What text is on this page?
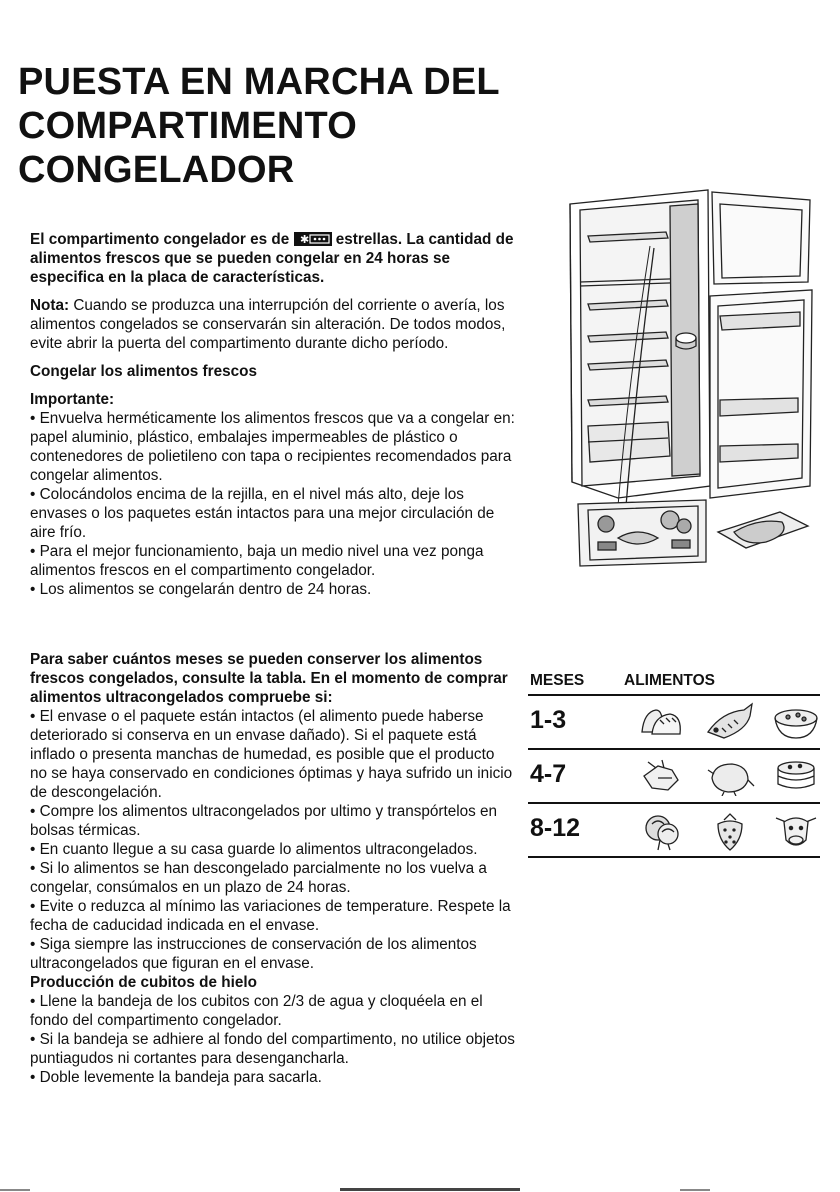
PUESTA EN MARCHA DEL
COMPARTIMENTO
CONGELADOR
El compartimento congelador es de ✱ estrellas. La cantidad de alimentos frescos que se pueden congelar en 24 horas se especifica en la placa de características.

Nota: Cuando se produzca una interrupción del corriente o avería, los alimentos congelados se conservarán sin alteración. De todos modos, evite abrir la puerta del compartimento durante dicho período.

Congelar los alimentos frescos

Importante:

• Envuelva herméticamente los alimentos frescos que va a congelar en: papel aluminio, plástico, embalajes impermeables de plástico o contenedores de polietileno con tapa o recipientes recomendados para congelar alimentos.

• Colocándolos encima de la rejilla, en el nivel más alto, deje los envases o los paquetes están intactos para una mejor circulación de aire frío.

• Para el mejor funcionamiento, baja un medio nivel una vez ponga alimentos frescos en el compartimento congelador.

• Los alimentos se congelarán dentro de 24 horas.

Para saber cuántos meses se pueden conserver los alimentos frescos congelados, consulte la tabla. En el momento de comprar alimentos ultracongelados compruebe si:

• El envase o el paquete están intactos (el alimento puede haberse deteriorado si conserva en un envase dañado). Si el paquete está inflado o presenta manchas de humedad, es posible que el producto no se haya conservado en condiciones óptimas y haya sufrido un inicio de descongelación.

• Compre los alimentos ultracongelados por ultimo y transpórtelos en bolsas térmicas.

• En cuanto llegue a su casa guarde lo alimentos ultracongelados.

• Si lo alimentos se han descongelado parcialmente no los vuelva a congelar, consúmalos en un plazo de 24 horas.

• Evite o reduzca al mínimo las variaciones de temperature. Respete la fecha de caducidad indicada en el envase.

• Siga siempre las instrucciones de conservación de los alimentos ultracongelados que figuran en el envase.

Producción de cubitos de hielo

• Llene la bandeja de los cubitos con 2/3 de agua y cloquéela en el fondo del compartimento congelador.

• Si la bandeja se adhiere al fondo del compartimento, no utilice objetos puntiagudos ni cortantes para desengancharla.

• Doble levemente la bandeja para sacarla.

MESES	ALIMENTOS
1-3
4-7
8-12
